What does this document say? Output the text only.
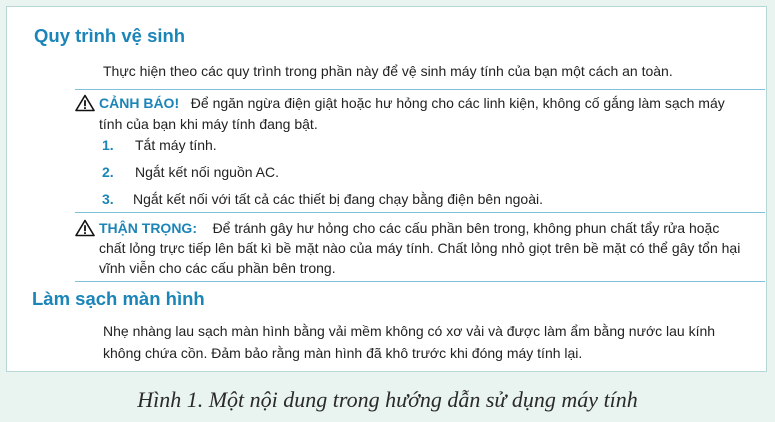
Quy trình vệ sinh
Thực hiện theo các quy trình trong phần này để vệ sinh máy tính của bạn một cách an toàn.
CẢNH BÁO! Để ngăn ngừa điện giật hoặc hư hỏng cho các linh kiện, không cố gắng làm sạch máy
tính của bạn khi máy tính đang bật.
1. Tắt máy tính.
2. Ngắt kết nối nguồn AC.
3. Ngắt kết nối với tất cả các thiết bị đang chạy bằng điện bên ngoài.
THẬN TRỌNG: Để tránh gây hư hỏng cho các cấu phần bên trong, không phun chất tẩy rửa hoặc
chất lỏng trực tiếp lên bất kì bề mặt nào của máy tính. Chất lỏng nhỏ giọt trên bề mặt có thể gây tổn hại
vĩnh viễn cho các cấu phần bên trong.
Làm sạch màn hình
Nhẹ nhàng lau sạch màn hình bằng vải mềm không có xơ vải và được làm ẩm bằng nước lau kính
không chứa cồn. Đảm bảo rằng màn hình đã khô trước khi đóng máy tính lại.
Hình 1. Một nội dung trong hướng dẫn sử dụng máy tính
